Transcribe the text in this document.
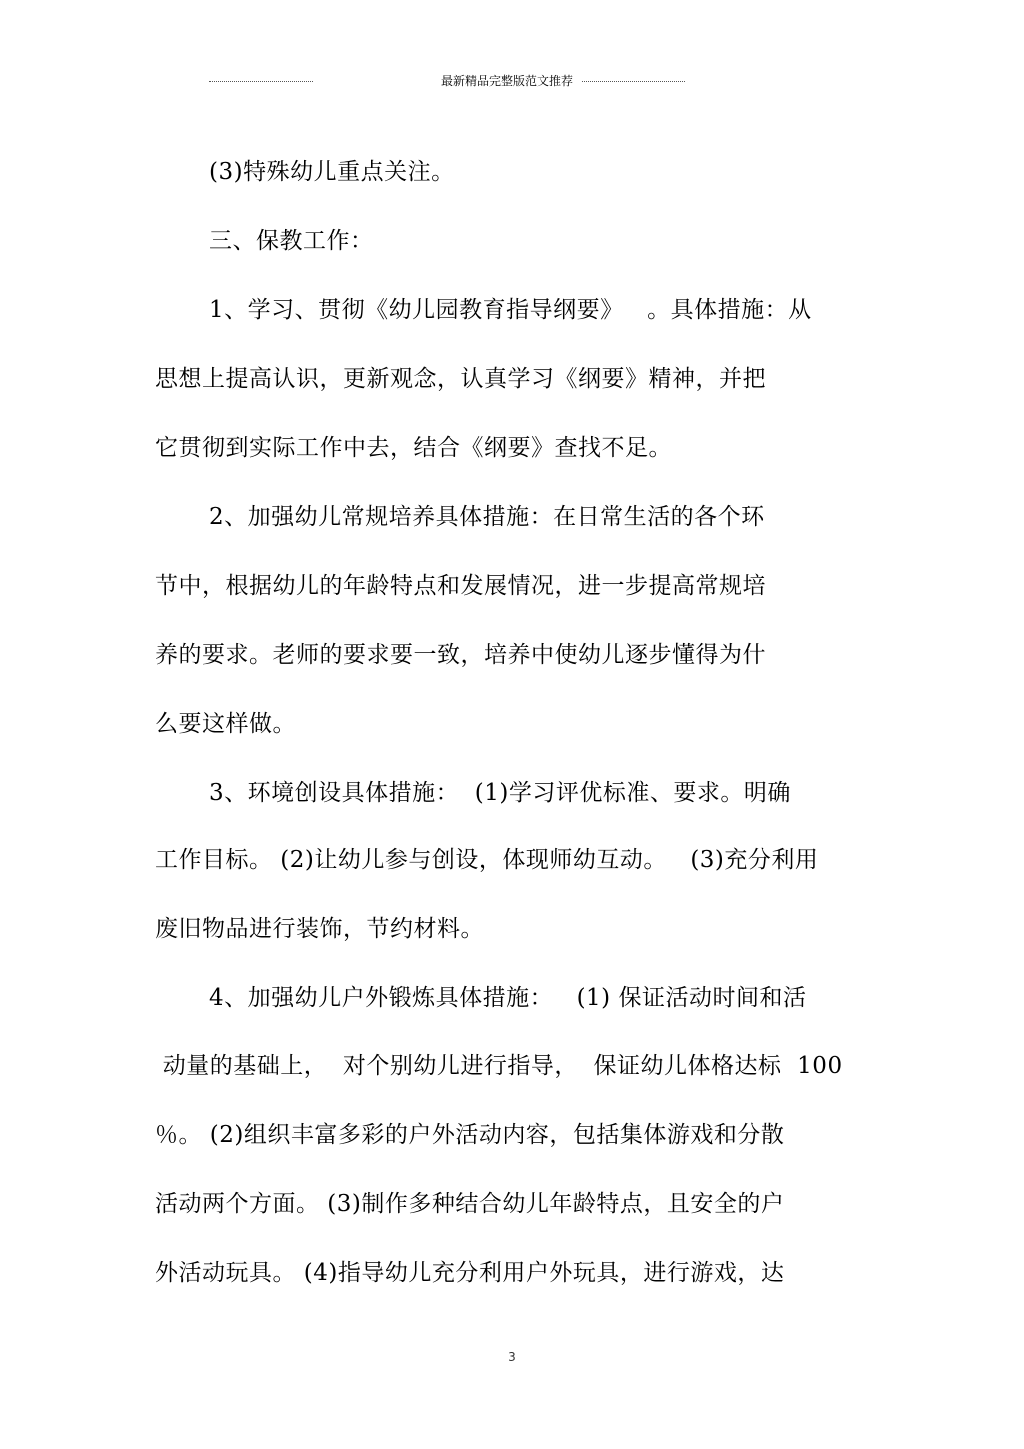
最新精品完整版范文推荐
(3)特殊幼儿重点关注。
三、保教工作：
1、学习、贯彻《幼儿园教育指导纲要》   。具体措施：从
思想上提高认识，更新观念，认真学习《纲要》精神，并把
它贯彻到实际工作中去，结合《纲要》查找不足。
2、加强幼儿常规培养具体措施：在日常生活的各个环
节中，根据幼儿的年龄特点和发展情况，进一步提高常规培
养的要求。老师的要求要一致，培养中使幼儿逐步懂得为什
么要这样做。
3、环境创设具体措施：  (1)学习评优标准、要求。明确
工作目标。 (2)让幼儿参与创设，体现师幼互动。   (3)充分利用
废旧物品进行装饰，节约材料。
4、加强幼儿户外锻炼具体措施：   (1) 保证活动时间和活
动量的基础上，  对个别幼儿进行指导，  保证幼儿体格达标  100
％。 (2)组织丰富多彩的户外活动内容，包括集体游戏和分散
活动两个方面。 (3)制作多种结合幼儿年龄特点，且安全的户
外活动玩具。 (4)指导幼儿充分利用户外玩具，进行游戏，达
3
